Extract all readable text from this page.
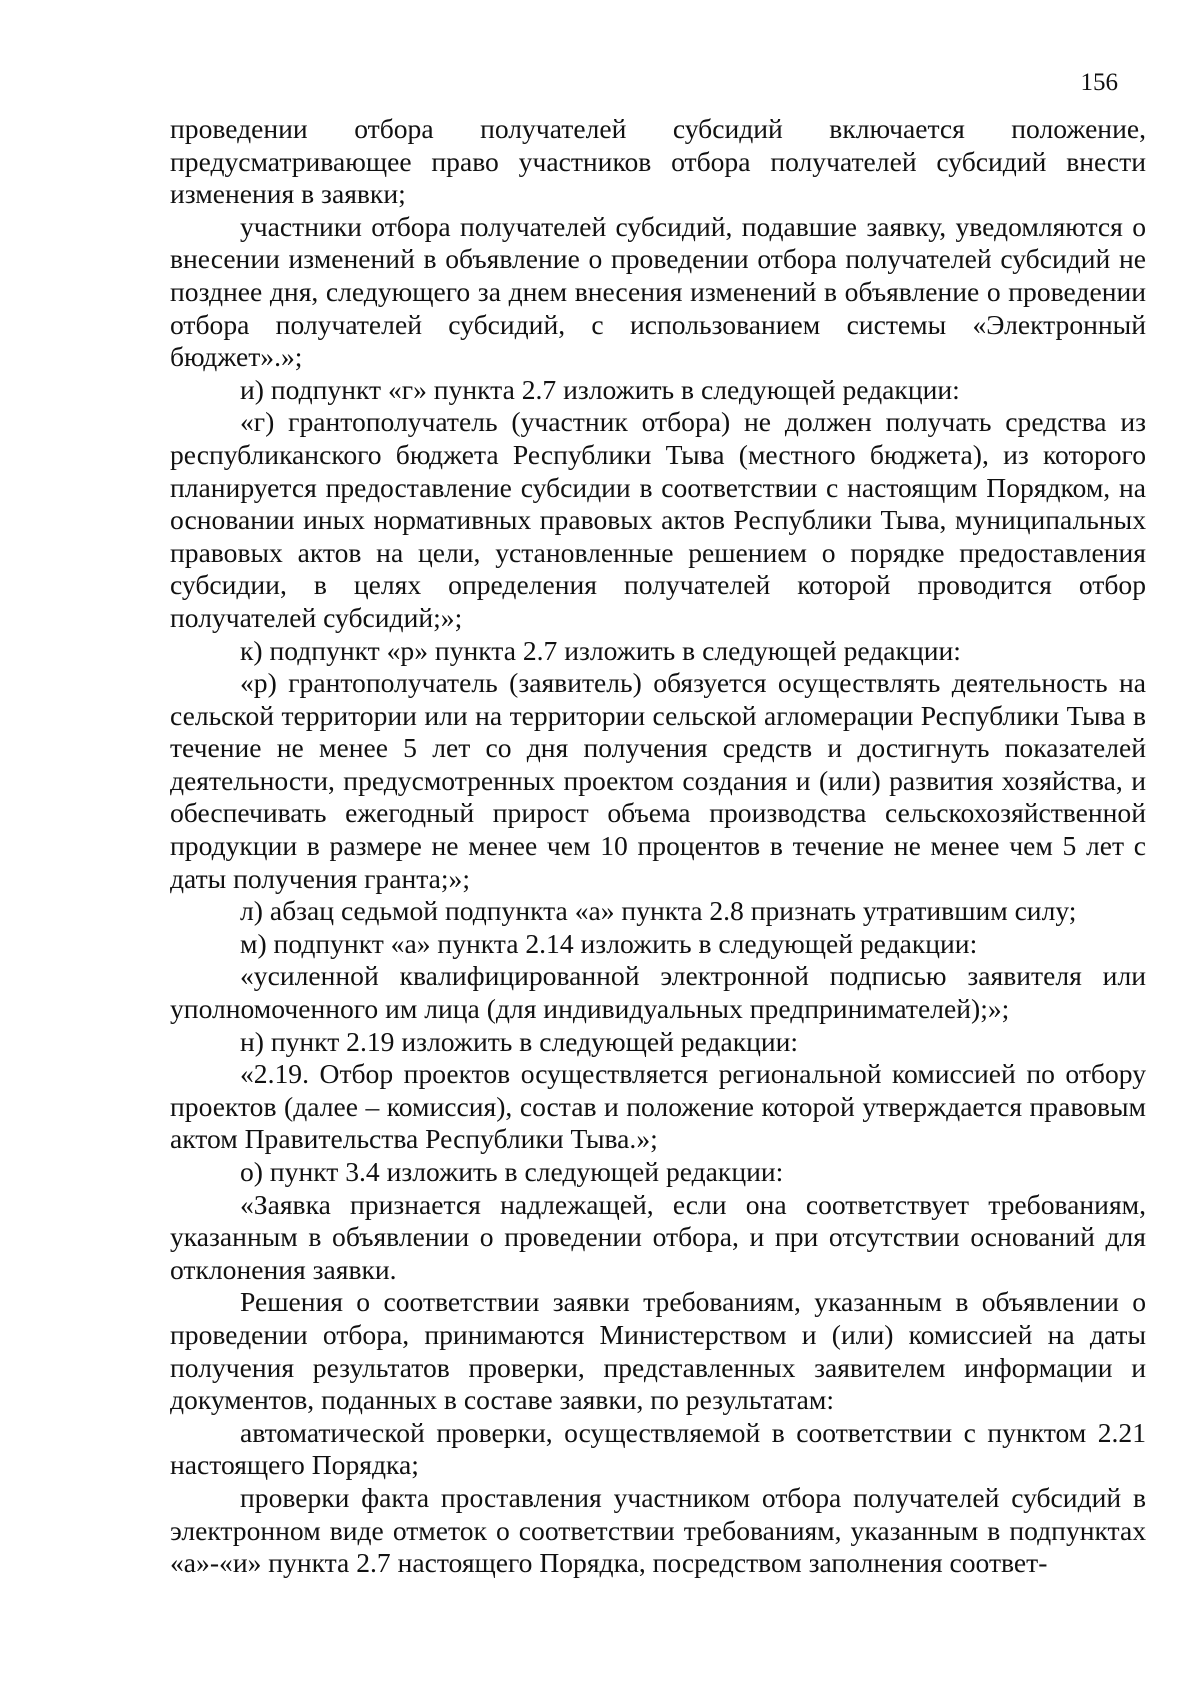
156

проведении отбора получателей субсидий включается положение, предусматривающее право участников отбора получателей субсидий внести изменения в заявки;

участники отбора получателей субсидий, подавшие заявку, уведомляются о внесении изменений в объявление о проведении отбора получателей субсидий не позднее дня, следующего за днем внесения изменений в объявление о проведении отбора получателей субсидий, с использованием системы «Электронный бюджет».»;

и) подпункт «г» пункта 2.7 изложить в следующей редакции:

«г) грантополучатель (участник отбора) не должен получать средства из республиканского бюджета Республики Тыва (местного бюджета), из которого планируется предоставление субсидии в соответствии с настоящим Порядком, на основании иных нормативных правовых актов Республики Тыва, муниципальных правовых актов на цели, установленные решением о порядке предоставления субсидии, в целях определения получателей которой проводится отбор получателей субсидий;»;

к) подпункт «р» пункта 2.7 изложить в следующей редакции:

«р) грантополучатель (заявитель) обязуется осуществлять деятельность на сельской территории или на территории сельской агломерации Республики Тыва в течение не менее 5 лет со дня получения средств и достигнуть показателей деятельности, предусмотренных проектом создания и (или) развития хозяйства, и обеспечивать ежегодный прирост объема производства сельскохозяйственной продукции в размере не менее чем 10 процентов в течение не менее чем 5 лет с даты получения гранта;»;

л) абзац седьмой подпункта «а» пункта 2.8 признать утратившим силу;

м) подпункт «а» пункта 2.14 изложить в следующей редакции:

«усиленной квалифицированной электронной подписью заявителя или уполномоченного им лица (для индивидуальных предпринимателей);»;

н) пункт 2.19 изложить в следующей редакции:

«2.19. Отбор проектов осуществляется региональной комиссией по отбору проектов (далее – комиссия), состав и положение которой утверждается правовым актом Правительства Республики Тыва.»;

о) пункт 3.4 изложить в следующей редакции:

«Заявка признается надлежащей, если она соответствует требованиям, указанным в объявлении о проведении отбора, и при отсутствии оснований для отклонения заявки.

Решения о соответствии заявки требованиям, указанным в объявлении о проведении отбора, принимаются Министерством и (или) комиссией на даты получения результатов проверки, представленных заявителем информации и документов, поданных в составе заявки, по результатам:

автоматической проверки, осуществляемой в соответствии с пунктом 2.21 настоящего Порядка;

проверки факта проставления участником отбора получателей субсидий в электронном виде отметок о соответствии требованиям, указанным в подпунктах «а»-«и» пункта 2.7 настоящего Порядка, посредством заполнения соответ-
